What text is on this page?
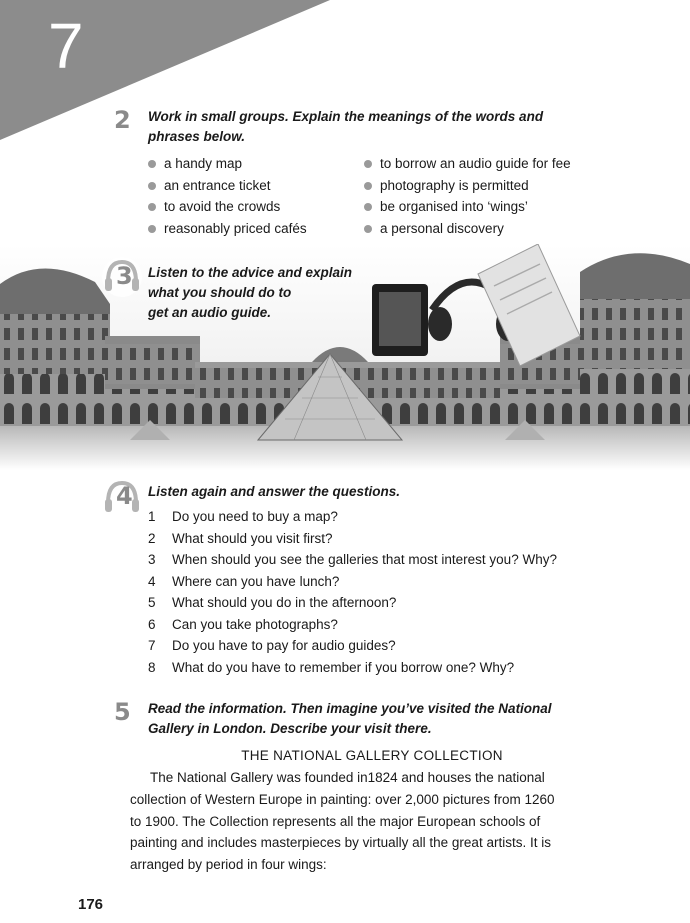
7
2 Work in small groups. Explain the meanings of the words and
phrases below.
a handy map
an entrance ticket
to avoid the crowds
reasonably priced cafés
to borrow an audio guide for fee
photography is permitted
be organised into ‘wings’
a personal discovery
3 Listen to the advice and explain
what you should do to
get an audio guide.
4 Listen again and answer the questions.
1 Do you need to buy a map?
2 What should you visit first?
3 When should you see the galleries that most interest you? Why?
4 Where can you have lunch?
5 What should you do in the afternoon?
6 Can you take photographs?
7 Do you have to pay for audio guides?
8 What do you have to remember if you borrow one? Why?
5 Read the information. Then imagine you’ve visited the National
Gallery in London. Describe your visit there.
THE NATIONAL GALLERY COLLECTION
The National Gallery was founded in1824 and houses the national
collection of Western Europe in painting: over 2,000 pictures from 1260
to 1900. The Collection represents all the major European schools of
painting and includes masterpieces by virtually all the great artists. It is
arranged by period in four wings:
176
